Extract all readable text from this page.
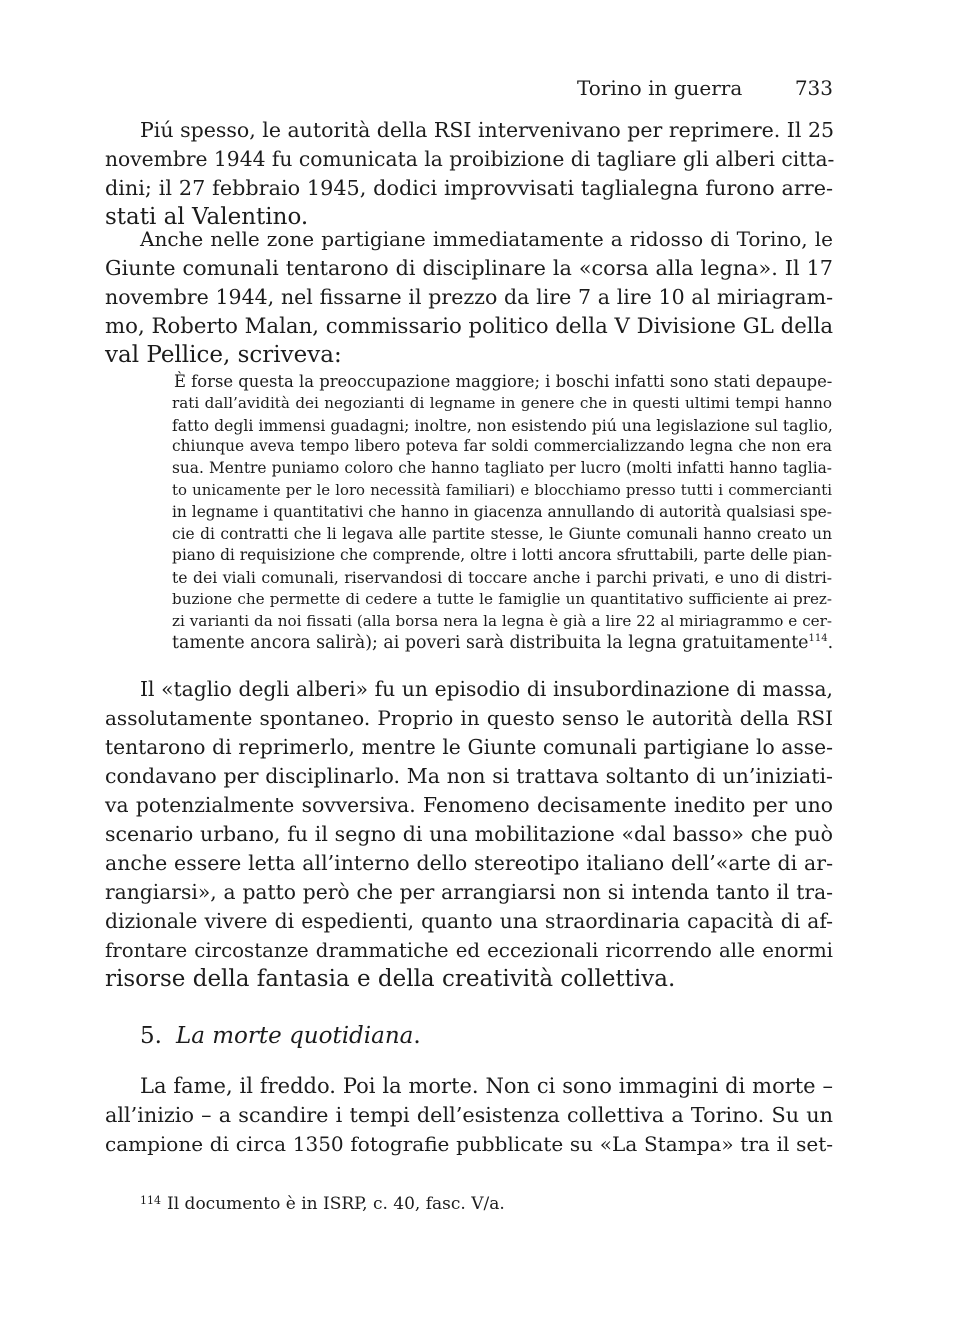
Torino in guerra	733

Piú spesso, le autorità della RSI intervenivano per reprimere. Il 25
novembre 1944 fu comunicata la proibizione di tagliare gli alberi citta-
dini; il 27 febbraio 1945, dodici improvvisati taglialegna furono arre-
stati al Valentino.

Anche nelle zone partigiane immediatamente a ridosso di Torino, le
Giunte comunali tentarono di disciplinare la «corsa alla legna». Il 17
novembre 1944, nel fissarne il prezzo da lire 7 a lire 10 al miriagram-
mo, Roberto Malan, commissario politico della V Divisione GL della
val Pellice, scriveva:

È forse questa la preoccupazione maggiore; i boschi infatti sono stati depaupe-
rati dall’avidità dei negozianti di legname in genere che in questi ultimi tempi hanno
fatto degli immensi guadagni; inoltre, non esistendo piú una legislazione sul taglio,
chiunque aveva tempo libero poteva far soldi commercializzando legna che non era
sua. Mentre puniamo coloro che hanno tagliato per lucro (molti infatti hanno taglia-
to unicamente per le loro necessità familiari) e blocchiamo presso tutti i commercianti
in legname i quantitativi che hanno in giacenza annullando di autorità qualsiasi spe-
cie di contratti che li legava alle partite stesse, le Giunte comunali hanno creato un
piano di requisizione che comprende, oltre i lotti ancora sfruttabili, parte delle pian-
te dei viali comunali, riservandosi di toccare anche i parchi privati, e uno di distri-
buzione che permette di cedere a tutte le famiglie un quantitativo sufficiente ai prez-
zi varianti da noi fissati (alla borsa nera la legna è già a lire 22 al miriagrammo e cer-
tamente ancora salirà); ai poveri sarà distribuita la legna gratuitamente$^{114}$.

Il «taglio degli alberi» fu un episodio di insubordinazione di massa,
assolutamente spontaneo. Proprio in questo senso le autorità della RSI
tentarono di reprimerlo, mentre le Giunte comunali partigiane lo asse-
condavano per disciplinarlo. Ma non si trattava soltanto di un’iniziati-
va potenzialmente sovversiva. Fenomeno decisamente inedito per uno
scenario urbano, fu il segno di una mobilitazione «dal basso» che può
anche essere letta all’interno dello stereotipo italiano dell’«arte di ar-
rangiarsi», a patto però che per arrangiarsi non si intenda tanto il tra-
dizionale vivere di espedienti, quanto una straordinaria capacità di af-
frontare circostanze drammatiche ed eccezionali ricorrendo alle enormi
risorse della fantasia e della creatività collettiva.

5. La morte quotidiana.

La fame, il freddo. Poi la morte. Non ci sono immagini di morte –
all’inizio – a scandire i tempi dell’esistenza collettiva a Torino. Su un
campione di circa 1350 fotografie pubblicate su «La Stampa» tra il set-

$^{114}$ Il documento è in ISRP, c. 40, fasc. V/a.
